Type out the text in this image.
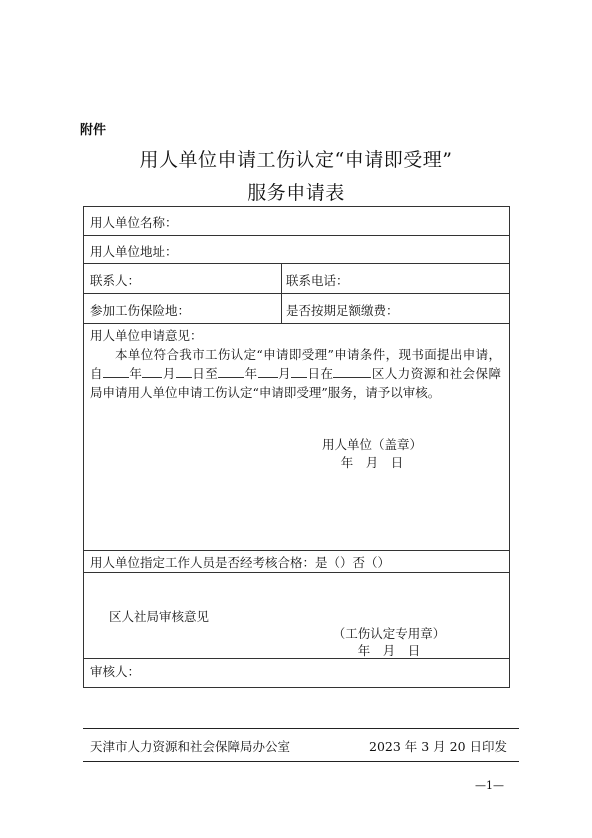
附件
用人单位申请工伤认定“申请即受理”
服务申请表
用人单位名称：
用人单位地址：
联系人：	联系电话：
参加工伤保险地：	是否按期足额缴费：
用人单位申请意见：
本单位符合我市工伤认定“申请即受理”申请条件，现书面提出申请，自 年 月 日至 年 月 日在	区人力资源和社会保障局申请用人单位申请工伤认定“申请即受理”服务，请予以审核。
用人单位（盖章）
年　月　日
用人单位指定工作人员是否经考核合格：是（）否（）
区人社局审核意见
（工伤认定专用章）
年　月　日
审核人：
天津市人力资源和社会保障局办公室	2023 年 3 月 20 日印发
—1—
